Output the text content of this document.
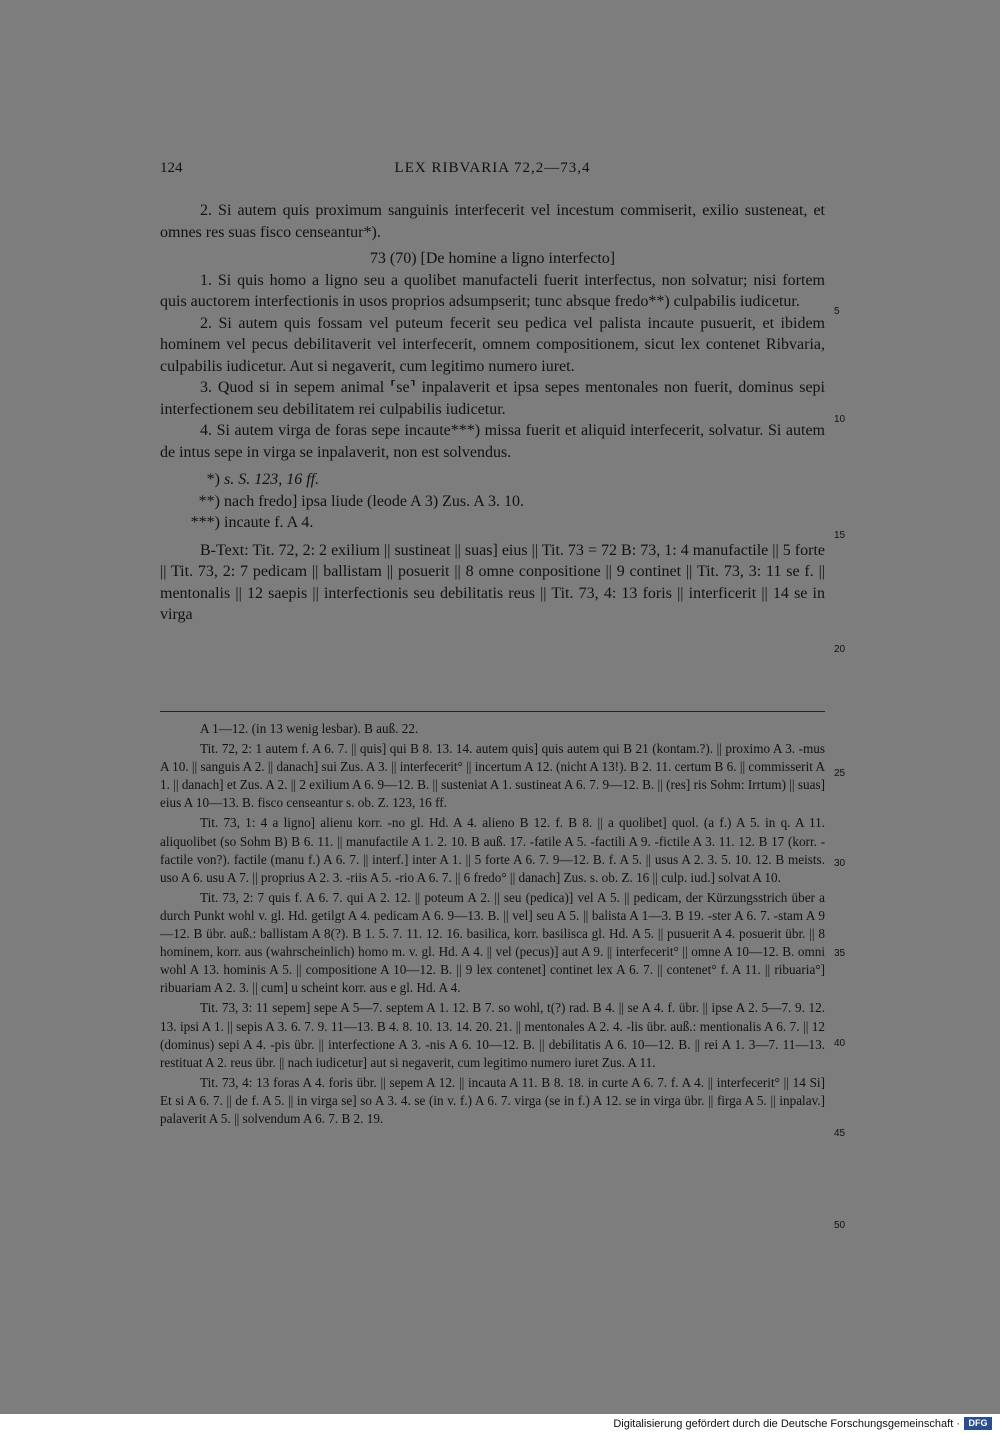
124	LEX RIBVARIA 72,2—73,4

2. Si autem quis proximum sanguinis interfecerit vel incestum commiserit, exilio susteneat, et omnes res suas fisco censeantur*).

73 (70) [De homine a ligno interfecto]

1. Si quis homo a ligno seu a quolibet manufacteli fuerit interfectus, non solvatur; nisi fortem quis auctorem interfectionis in usos proprios adsumpserit; tunc absque fredo**) culpabilis iudicetur.

2. Si autem quis fossam vel puteum fecerit seu pedica vel palista incaute pusuerit, et ibidem hominem vel pecus debilitaverit vel interfecerit, omnem compositionem, sicut lex contenet Ribvaria, culpabilis iudicetur. Aut si negaverit, cum legitimo numero iuret.

3. Quod si in sepem animal ⸢se⸣ inpalaverit et ipsa sepes mentonales non fuerit, dominus sepi interfectionem seu debilitatem rei culpabilis iudicetur.

4. Si autem virga de foras sepe incaute***) missa fuerit et aliquid interfecerit, solvatur. Si autem de intus sepe in virga se inpalaverit, non est solvendus.

*) s. S. 123, 16 ff.

**) nach fredo] ipsa liude (leode A 3) Zus. A 3. 10.

***) incaute f. A 4.

B-Text: Tit. 72, 2: 2 exilium || sustineat || suas] eius || Tit. 73 = 72 B: 73, 1: 4 manufactile || 5 forte || Tit. 73, 2: 7 pedicam || ballistam || posuerit || 8 omne conpositione || 9 continet || Tit. 73, 3: 11 se f. || mentonalis || 12 saepis || interfectionis seu debilitatis reus || Tit. 73, 4: 13 foris || interficerit || 14 se in virga

A 1—12. (in 13 wenig lesbar). B auß. 22.

Tit. 72, 2: 1 autem f. A 6. 7. || quis] qui B 8. 13. 14. autem quis] quis autem qui B 21 (kontam.?). || proximo A 3. -mus A 10. || sanguis A 2. || danach] sui Zus. A 3. || interfecerit° || incertum A 12. (nicht A 13!). B 2. 11. certum B 6. || commisserit A 1. || danach] et Zus. A 2. || 2 exilium A 6. 9—12. B. || susteniat A 1. sustineat A 6. 7. 9—12. B. || (res] ris Sohm: Irrtum) || suas] eius A 10—13. B. fisco censeantur s. ob. Z. 123, 16 ff.

Tit. 73, 1: 4 a ligno] alienu korr. -no gl. Hd. A 4. alieno B 12. f. B 8. || a quolibet] quol. (a f.) A 5. in q. A 11. aliquolibet (so Sohm B) B 6. 11. || manufactile A 1. 2. 10. B auß. 17. -fatile A 5. -factili A 9. -fictile A 3. 11. 12. B 17 (korr. -factile von?). factile (manu f.) A 6. 7. || interf.] inter A 1. || 5 forte A 6. 7. 9—12. B. f. A 5. || usus A 2. 3. 5. 10. 12. B meists. uso A 6. usu A 7. || proprius A 2. 3. -riis A 5. -rio A 6. 7. || 6 fredo° || danach] Zus. s. ob. Z. 16 || culp. iud.] solvat A 10.

Tit. 73, 2: 7 quis f. A 6. 7. qui A 2. 12. || poteum A 2. || seu (pedica)] vel A 5. || pedicam, der Kürzungsstrich über a durch Punkt wohl v. gl. Hd. getilgt A 4. pedicam A 6. 9—13. B. || vel] seu A 5. || balista A 1—3. B 19. -ster A 6. 7. -stam A 9—12. B übr. auß.: ballistam A 8(?). B 1. 5. 7. 11. 12. 16. basilica, korr. basilisca gl. Hd. A 5. || pusuerit A 4. posuerit übr. || 8 hominem, korr. aus (wahrscheinlich) homo m. v. gl. Hd. A 4. || vel (pecus)] aut A 9. || interfecerit° || omne A 10—12. B. omni wohl A 13. hominis A 5. || compositione A 10—12. B. || 9 lex contenet] continet lex A 6. 7. || contenet° f. A 11. || ribuaria°] ribuariam A 2. 3. || cum] u scheint korr. aus e gl. Hd. A 4.

Tit. 73, 3: 11 sepem] sepe A 5—7. septem A 1. 12. B 7. so wohl, t(?) rad. B 4. || se A 4. f. übr. || ipse A 2. 5—7. 9. 12. 13. ipsi A 1. || sepis A 3. 6. 7. 9. 11—13. B 4. 8. 10. 13. 14. 20. 21. || mentonales A 2. 4. -lis übr. auß.: mentionalis A 6. 7. || 12 (dominus) sepi A 4. -pis übr. || interfectione A 3. -nis A 6. 10—12. B. || debilitatis A 6. 10—12. B. || rei A 1. 3—7. 11—13. restituat A 2. reus übr. || nach iudicetur] aut si negaverit, cum legitimo numero iuret Zus. A 11.

Tit. 73, 4: 13 foras A 4. foris übr. || sepem A 12. || incauta A 11. B 8. 18. in curte A 6. 7. f. A 4. || interfecerit° || 14 Si] Et si A 6. 7. || de f. A 5. || in virga se] so A 3. 4. se (in v. f.) A 6. 7. virga (se in f.) A 12. se in virga übr. || firga A 5. || inpalav.] palaverit A 5. || solvendum A 6. 7. B 2. 19.

5
10
15
20
25
30
35
40
45
50
Digitalisierung gefördert durch die Deutsche Forschungsgemeinschaft · DFG
